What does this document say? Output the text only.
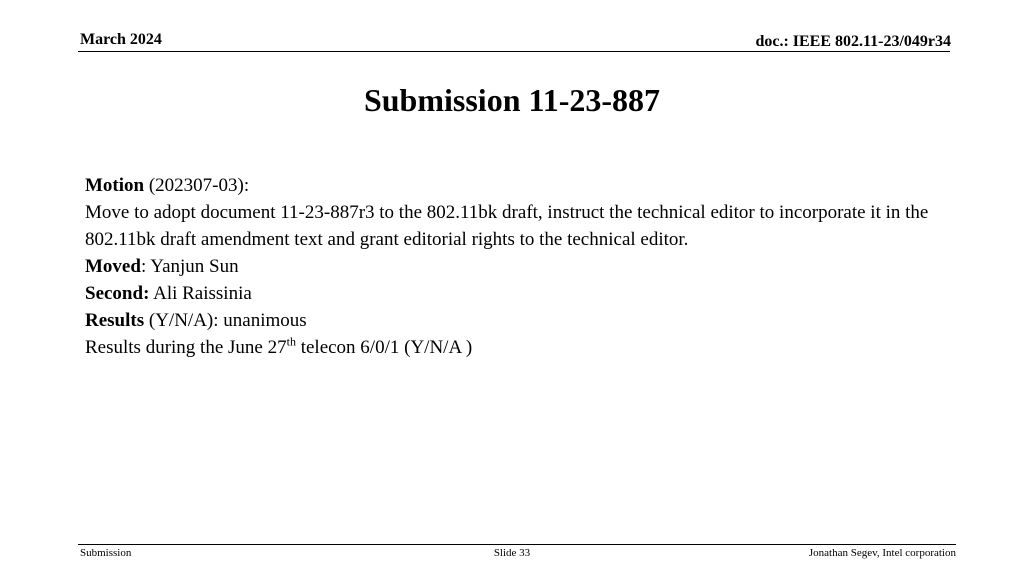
March 2024	doc.: IEEE 802.11-23/049r34
Submission 11-23-887

Motion (202307-03):

Move to adopt document 11-23-887r3 to the 802.11bk draft, instruct the technical editor to incorporate it in the 802.11bk draft amendment text and grant editorial rights to the technical editor.

Moved: Yanjun Sun

Second: Ali Raissinia

Results (Y/N/A): unanimous

Results during the June 27th telecon 6/0/1 (Y/N/A )

Submission	Slide 33	Jonathan Segev, Intel corporation
